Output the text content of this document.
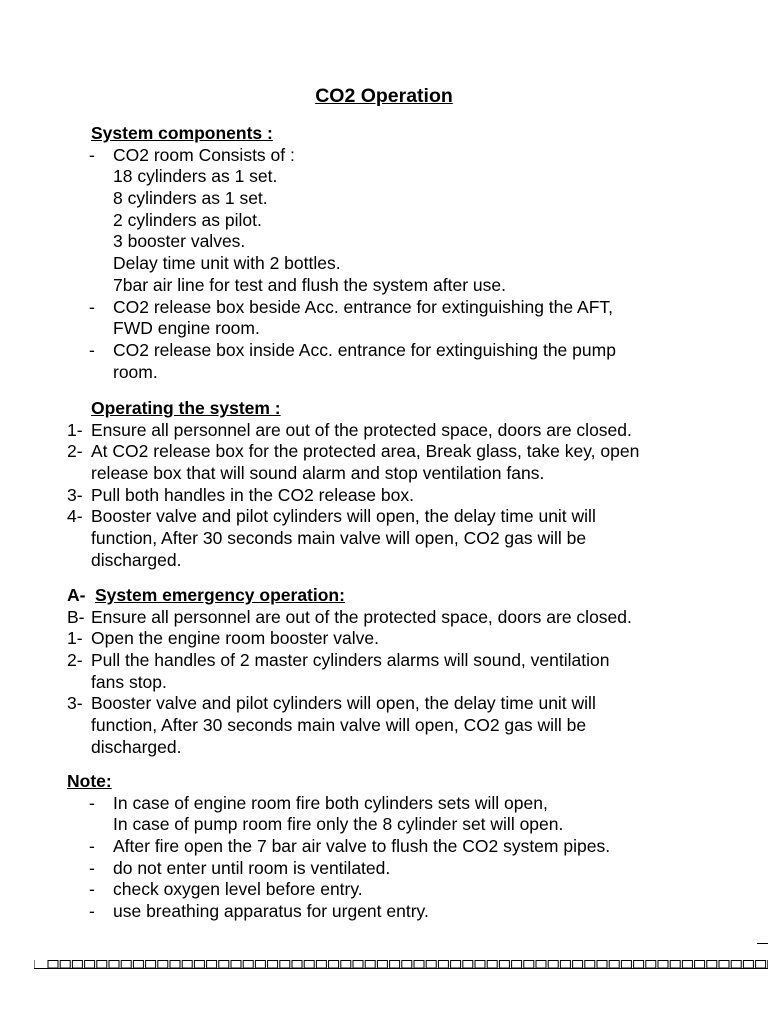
CO2 Operation
System components :
- CO2 room Consists of :
18 cylinders as 1 set.
8 cylinders as 1 set.
2 cylinders as pilot.
3 booster valves.
Delay time unit with 2 bottles.
7bar air line for test and flush the system after use.
- CO2 release box beside Acc. entrance for extinguishing the AFT,
FWD engine room.
- CO2 release box inside Acc. entrance for extinguishing the pump
room.
Operating the system :
1- Ensure all personnel are out of the protected space, doors are closed.
2- At CO2 release box for the protected area, Break glass, take key, open
release box that will sound alarm and stop ventilation fans.
3- Pull both handles in the CO2 release box.
4- Booster valve and pilot cylinders will open, the delay time unit will
function, After 30 seconds main valve will open, CO2 gas will be
discharged.
A- System emergency operation:
B- Ensure all personnel are out of the protected space, doors are closed.
1- Open the engine room booster valve.
2- Pull the handles of 2 master cylinders alarms will sound, ventilation
fans stop.
3- Booster valve and pilot cylinders will open, the delay time unit will
function, After 30 seconds main valve will open, CO2 gas will be
discharged.
Note:
- In case of engine room fire both cylinders sets will open,
In case of pump room fire only the 8 cylinder set will open.
- After fire open the 7 bar air valve to flush the CO2 system pipes.
- do not enter until room is ventilated.
- check oxygen level before entry.
- use breathing apparatus for urgent entry.
